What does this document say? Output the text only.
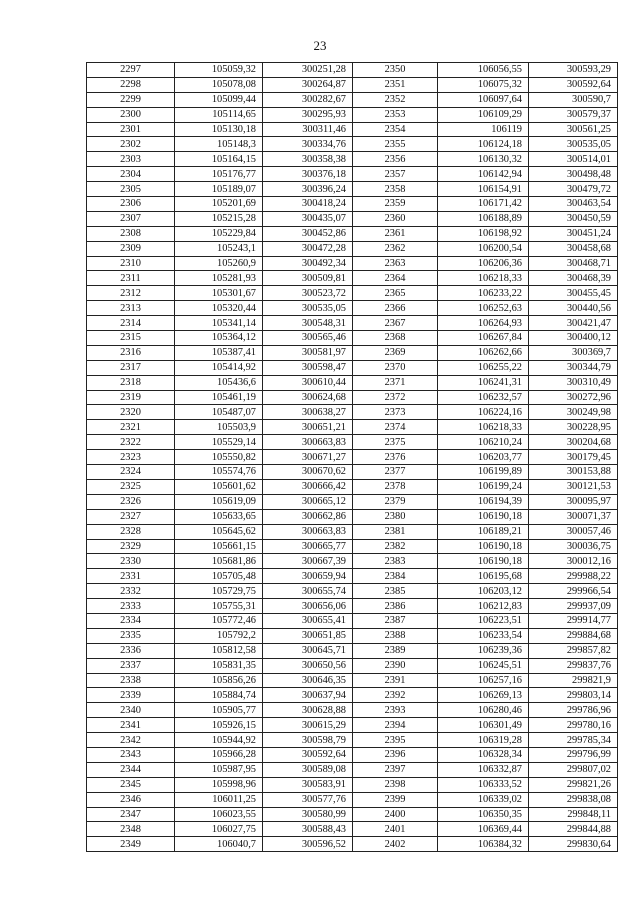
23
2297	105059,32	300251,28	2350	106056,55	300593,29
2298	105078,08	300264,87	2351	106075,32	300592,64
2299	105099,44	300282,67	2352	106097,64	300590,7
2300	105114,65	300295,93	2353	106109,29	300579,37
2301	105130,18	300311,46	2354	106119	300561,25
2302	105148,3	300334,76	2355	106124,18	300535,05
2303	105164,15	300358,38	2356	106130,32	300514,01
2304	105176,77	300376,18	2357	106142,94	300498,48
2305	105189,07	300396,24	2358	106154,91	300479,72
2306	105201,69	300418,24	2359	106171,42	300463,54
2307	105215,28	300435,07	2360	106188,89	300450,59
2308	105229,84	300452,86	2361	106198,92	300451,24
2309	105243,1	300472,28	2362	106200,54	300458,68
2310	105260,9	300492,34	2363	106206,36	300468,71
2311	105281,93	300509,81	2364	106218,33	300468,39
2312	105301,67	300523,72	2365	106233,22	300455,45
2313	105320,44	300535,05	2366	106252,63	300440,56
2314	105341,14	300548,31	2367	106264,93	300421,47
2315	105364,12	300565,46	2368	106267,84	300400,12
2316	105387,41	300581,97	2369	106262,66	300369,7
2317	105414,92	300598,47	2370	106255,22	300344,79
2318	105436,6	300610,44	2371	106241,31	300310,49
2319	105461,19	300624,68	2372	106232,57	300272,96
2320	105487,07	300638,27	2373	106224,16	300249,98
2321	105503,9	300651,21	2374	106218,33	300228,95
2322	105529,14	300663,83	2375	106210,24	300204,68
2323	105550,82	300671,27	2376	106203,77	300179,45
2324	105574,76	300670,62	2377	106199,89	300153,88
2325	105601,62	300666,42	2378	106199,24	300121,53
2326	105619,09	300665,12	2379	106194,39	300095,97
2327	105633,65	300662,86	2380	106190,18	300071,37
2328	105645,62	300663,83	2381	106189,21	300057,46
2329	105661,15	300665,77	2382	106190,18	300036,75
2330	105681,86	300667,39	2383	106190,18	300012,16
2331	105705,48	300659,94	2384	106195,68	299988,22
2332	105729,75	300655,74	2385	106203,12	299966,54
2333	105755,31	300656,06	2386	106212,83	299937,09
2334	105772,46	300655,41	2387	106223,51	299914,77
2335	105792,2	300651,85	2388	106233,54	299884,68
2336	105812,58	300645,71	2389	106239,36	299857,82
2337	105831,35	300650,56	2390	106245,51	299837,76
2338	105856,26	300646,35	2391	106257,16	299821,9
2339	105884,74	300637,94	2392	106269,13	299803,14
2340	105905,77	300628,88	2393	106280,46	299786,96
2341	105926,15	300615,29	2394	106301,49	299780,16
2342	105944,92	300598,79	2395	106319,28	299785,34
2343	105966,28	300592,64	2396	106328,34	299796,99
2344	105987,95	300589,08	2397	106332,87	299807,02
2345	105998,96	300583,91	2398	106333,52	299821,26
2346	106011,25	300577,76	2399	106339,02	299838,08
2347	106023,55	300580,99	2400	106350,35	299848,11
2348	106027,75	300588,43	2401	106369,44	299844,88
2349	106040,7	300596,52	2402	106384,32	299830,64
